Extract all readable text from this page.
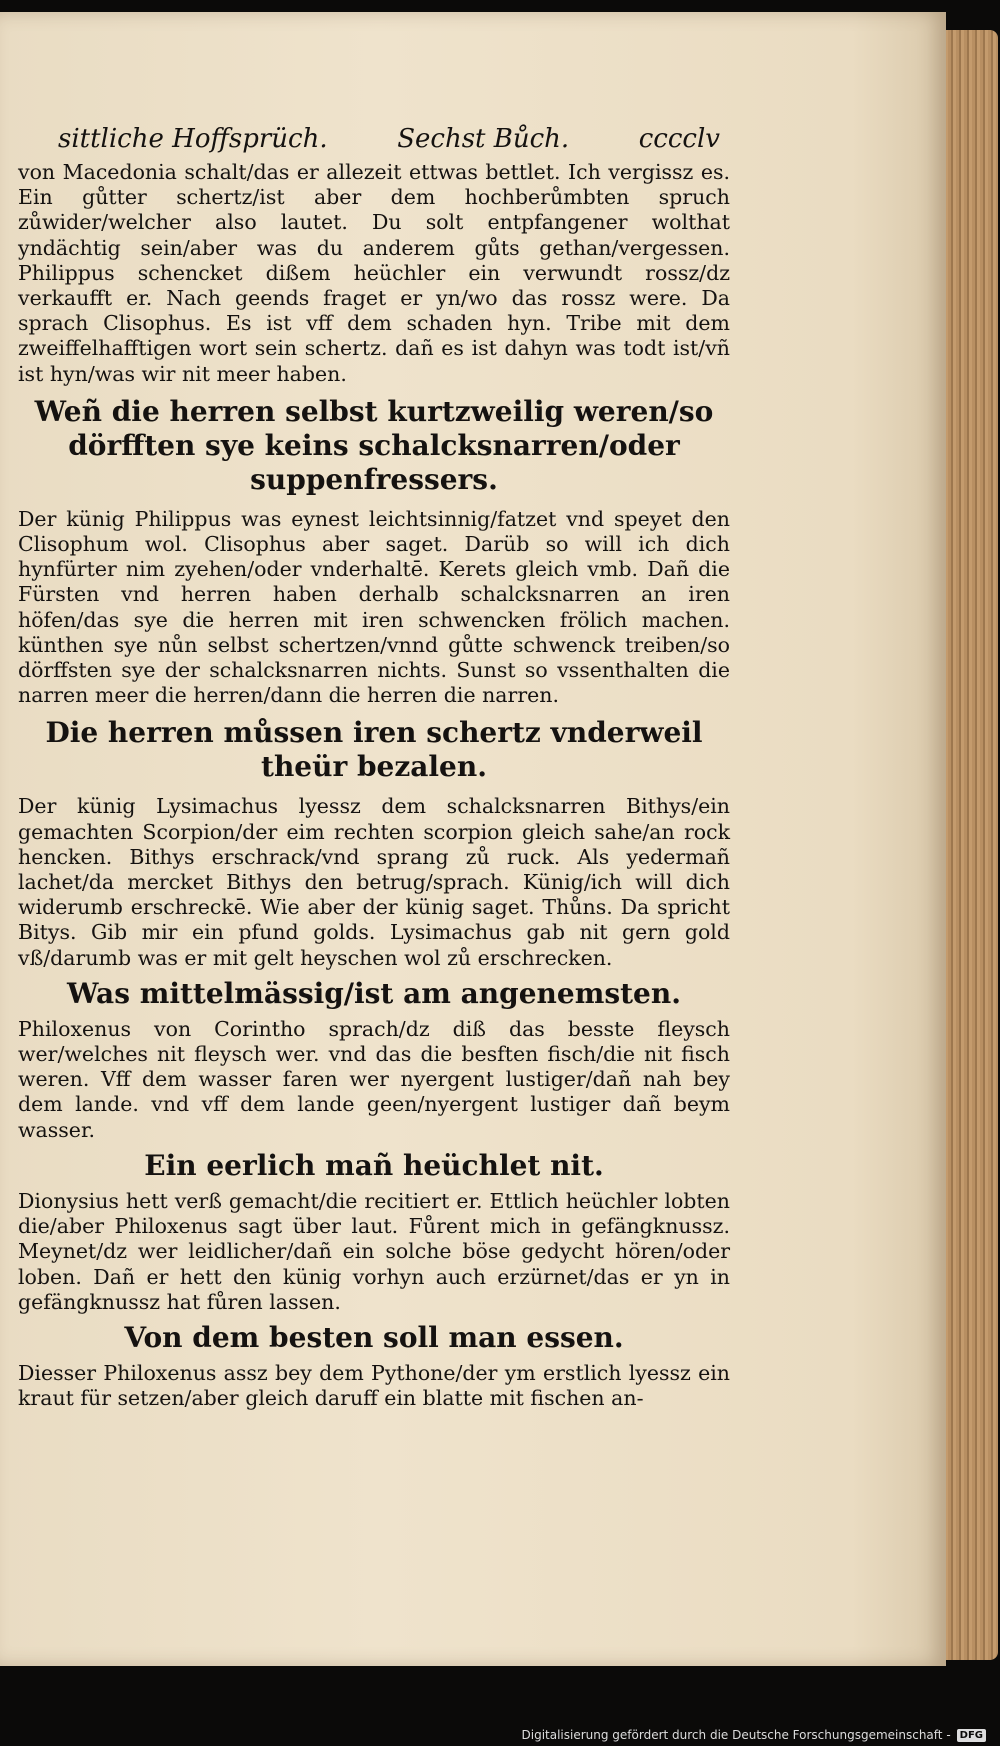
sittliche Hoffsprüch.	Sechst Bůch.	cccclv

von Macedonia schalt/das er allezeit ettwas bettlet. Ich vergissz es. Ein gůtter schertz/ist aber dem hochberůmbten spruch zůwider/welcher also lautet. Du solt entpfangener wolthat yndächtig sein/aber was du anderem gůts gethan/vergessen. Philippus schencket dißem heüchler ein verwundt rossz/dz verkaufft er. Nach geends fraget er yn/wo das rossz were. Da sprach Clisophus. Es ist vff dem schaden hyn. Tribe mit dem zweiffelhafftigen wort sein schertz. dañ es ist dahyn was todt ist/vñ ist hyn/was wir nit meer haben.

Weñ die herren selbst kurtzweilig weren/so dörfften sye keins schalcksnarren/oder suppenfressers.

Der künig Philippus was eynest leichtsinnig/fatzet vnd speyet den Clisophum wol. Clisophus aber saget. Darüb so will ich dich hynfürter nim zyehen/oder vnderhaltē. Kerets gleich vmb. Dañ die Fürsten vnd herren haben derhalb schalcksnarren an iren höfen/das sye die herren mit iren schwencken frölich machen. künthen sye nůn selbst schertzen/vnnd gůtte schwenck treiben/so dörffsten sye der schalcksnarren nichts. Sunst so vssenthalten die narren meer die herren/dann die herren die narren.

Die herren můssen iren schertz vnderweil theür bezalen.

Der künig Lysimachus lyessz dem schalcksnarren Bithys/ein gemachten Scorpion/der eim rechten scorpion gleich sahe/an rock hencken. Bithys erschrack/vnd sprang zů ruck. Als yedermañ lachet/da mercket Bithys den betrug/sprach. Künig/ich will dich widerumb erschreckē. Wie aber der künig saget. Thůns. Da spricht Bitys. Gib mir ein pfund golds. Lysimachus gab nit gern gold vß/darumb was er mit gelt heyschen wol zů erschrecken.

Was mittelmässig/ist am angenemsten.

Philoxenus von Corintho sprach/dz diß das besste fleysch wer/welches nit fleysch wer. vnd das die besften fisch/die nit fisch weren. Vff dem wasser faren wer nyergent lustiger/dañ nah bey dem lande. vnd vff dem lande geen/nyergent lustiger dañ beym wasser.

Ein eerlich mañ heüchlet nit.

Dionysius hett verß gemacht/die recitiert er. Ettlich heüchler lobten die/aber Philoxenus sagt über laut. Fůrent mich in gefängknussz. Meynet/dz wer leidlicher/dañ ein solche böse gedycht hören/oder loben. Dañ er hett den künig vorhyn auch erzürnet/das er yn in gefängknussz hat fůren lassen.

Von dem besten soll man essen.

Diesser Philoxenus assz bey dem Pythone/der ym erstlich lyessz ein kraut für setzen/aber gleich daruff ein blatte mit fischen an-

Digitalisierung gefördert durch die Deutsche Forschungsgemeinschaft - DFG
